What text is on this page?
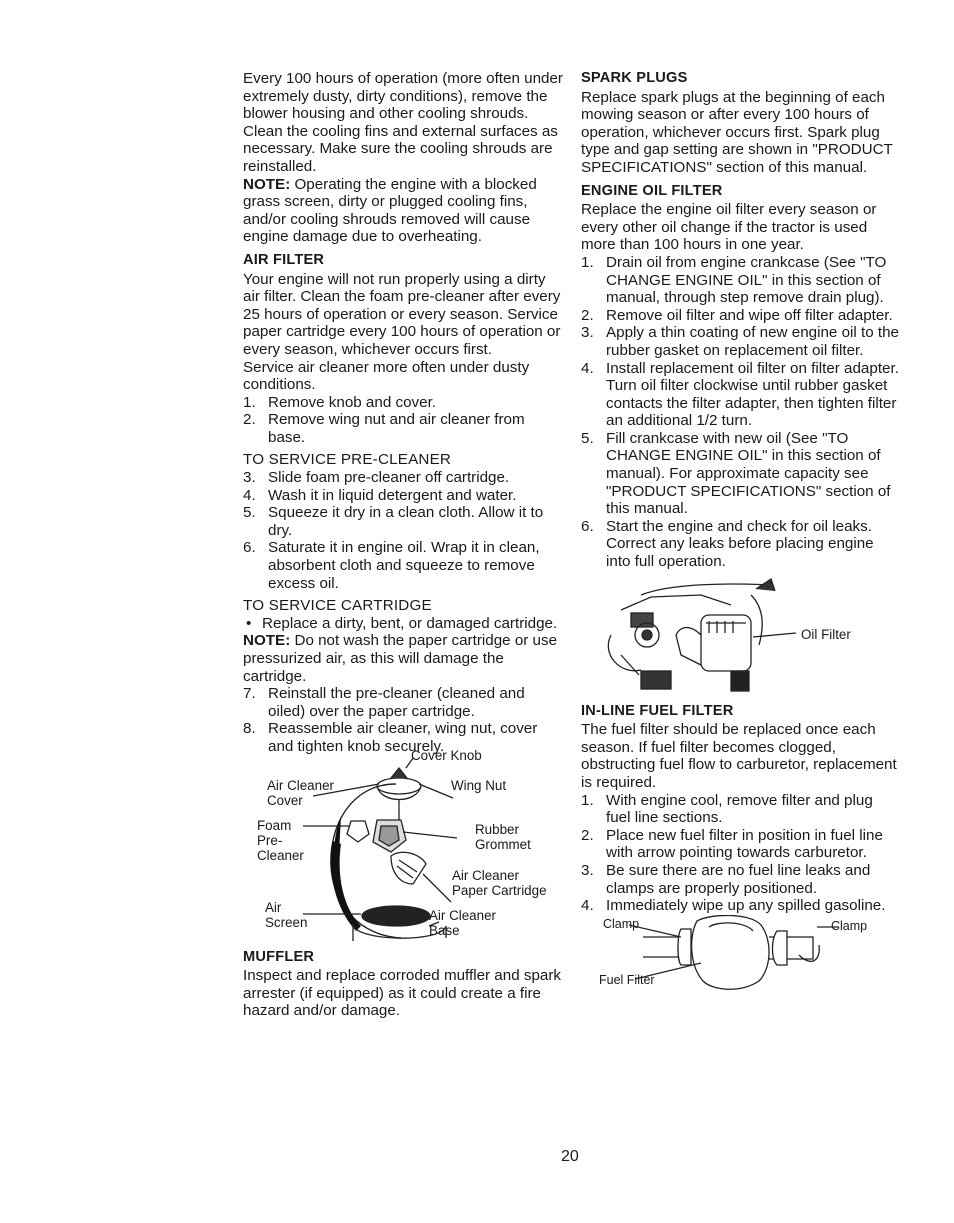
Every 100 hours of operation (more often under extremely dusty, dirty conditions), remove the blower housing and other cooling shrouds. Clean the cooling fins and external surfaces as necessary. Make sure the cooling shrouds are reinstalled.

NOTE: Operating the engine with a blocked grass screen, dirty or plugged cooling fins, and/or cooling shrouds removed will cause engine damage due to overheating.

AIR FILTER

Your engine will not run properly using a dirty air filter. Clean the foam pre-cleaner after every 25 hours of operation or every season. Service paper cartridge every 100 hours of operation or every season, whichever occurs first.

Service air cleaner more often under dusty conditions.

1. Remove knob and cover.
2. Remove wing nut and air cleaner from base.

TO SERVICE PRE-CLEANER

3. Slide foam pre-cleaner off cartridge.
4. Wash it in liquid detergent and water.
5. Squeeze it dry in a clean cloth. Allow it to dry.
6. Saturate it in engine oil. Wrap it in clean, absorbent cloth and squeeze to remove excess oil.

TO SERVICE CARTRIDGE

• Replace a dirty, bent, or damaged cartridge.

NOTE: Do not wash the paper cartridge or use pressurized air, as this will damage the cartridge.

7. Reinstall the pre-cleaner (cleaned and oiled) over the paper cartridge.
8. Reassemble air cleaner, wing nut, cover and tighten knob securely.
Cover Knob
Air Cleaner
Cover
Wing Nut
Foam
Pre-
Cleaner
Rubber
Grommet
Air Cleaner
Paper Cartridge
Air
Screen	Air Cleaner
Base

MUFFLER

Inspect and replace corroded muffler and spark arrester (if equipped) as it could create a fire hazard and/or damage.

SPARK PLUGS

Replace spark plugs at the beginning of each mowing season or after every 100 hours of operation, whichever occurs first. Spark plug type and gap setting are shown in "PRODUCT SPECIFICATIONS" section of this manual.

ENGINE OIL FILTER

Replace the engine oil filter every season or every other oil change if the tractor is used more than 100 hours in one year.

1. Drain oil from engine crankcase (See "TO CHANGE ENGINE OIL" in this section of manual, through step remove drain plug).
2. Remove oil filter and wipe off filter adapter.
3. Apply a thin coating of new engine oil to the rubber gasket on replacement oil filter.
4. Install replacement oil filter on filter adapter. Turn oil filter clockwise until rubber gasket contacts the filter adapter, then tighten filter an additional 1/2 turn.
5. Fill crankcase with new oil (See "TO CHANGE ENGINE OIL" in this section of manual). For approximate capacity see "PRODUCT SPECIFICATIONS" section of this manual.
6. Start the engine and check for oil leaks. Correct any leaks before placing engine into full operation.
Oil Filter

IN-LINE FUEL FILTER

The fuel filter should be replaced once each season. If fuel filter becomes clogged, obstructing fuel flow to carburetor, replacement is required.

1. With engine cool, remove filter and plug fuel line sections.
2. Place new fuel filter in position in fuel line with arrow pointing towards carburetor.
3. Be sure there are no fuel line leaks and clamps are properly positioned.
4. Immediately wipe up any spilled gasoline.
Clamp	Clamp
Fuel Filter
20
